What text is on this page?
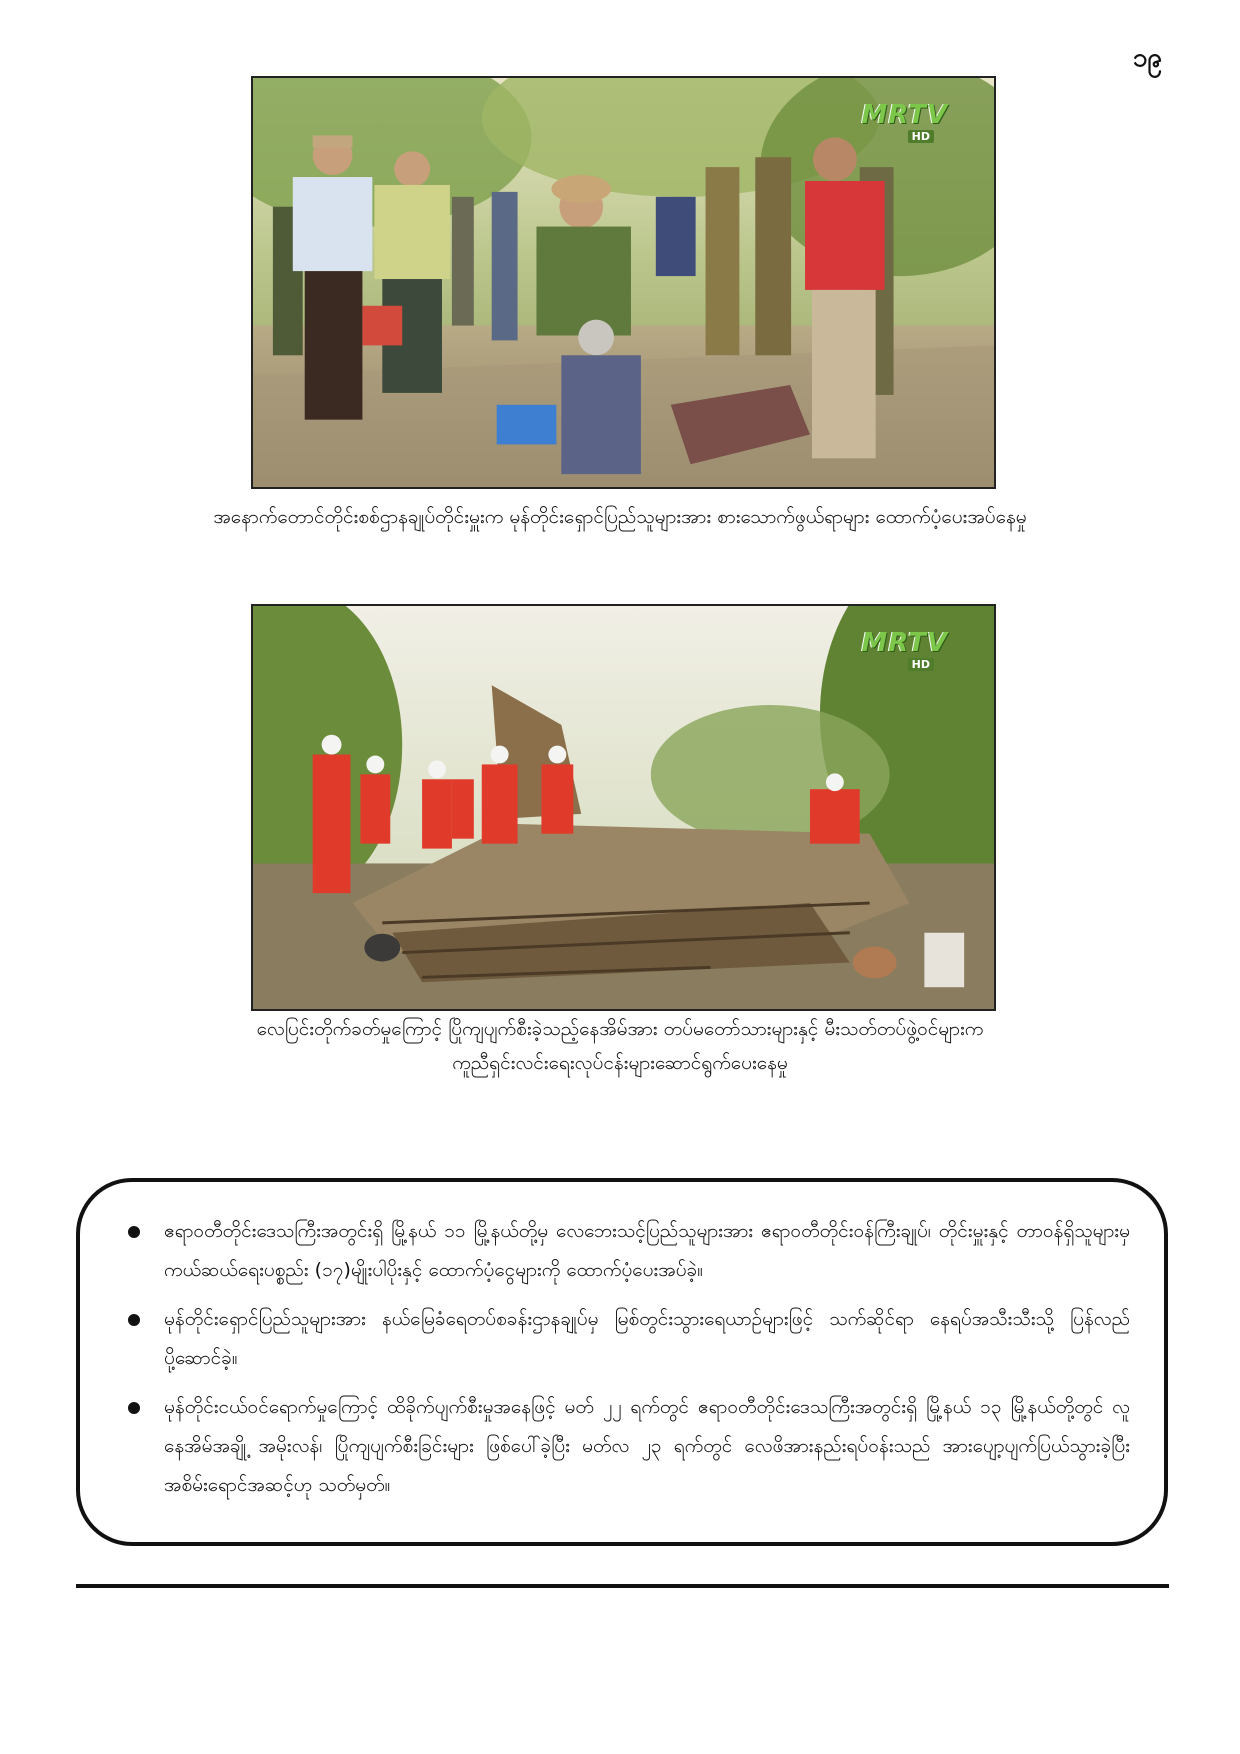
၁၉
MRTV
HD
အနောက်တောင်တိုင်းစစ်ဌာနချုပ်တိုင်းမှူးက မုန်တိုင်းရှောင်ပြည်သူများအား စားသောက်ဖွယ်ရာများ ထောက်ပံ့ပေးအပ်နေမှု
MRTV
HD
လေပြင်းတိုက်ခတ်မှုကြောင့် ပြိုကျပျက်စီးခဲ့သည့်နေအိမ်အား တပ်မတော်သားများနှင့် မီးသတ်တပ်ဖွဲ့ဝင်များက
ကူညီရှင်းလင်းရေးလုပ်ငန်းများဆောင်ရွက်ပေးနေမှု
ဧရာဝတီတိုင်းဒေသကြီးအတွင်းရှိ မြို့နယ် ၁၁ မြို့နယ်တို့မှ လေဘေးသင့်ပြည်သူများအား ဧရာဝတီတိုင်းဝန်ကြီးချုပ်၊ တိုင်းမှူးနှင့် တာဝန်ရှိသူများမှ ကယ်ဆယ်ရေးပစ္စည်း (၁၇)မျိုးပါပိုးနှင့် ထောက်ပံ့ငွေများကို ထောက်ပံ့ပေးအပ်ခဲ့။
မုန်တိုင်းရှောင်ပြည်သူများအား နယ်မြေခံရေတပ်စခန်းဌာနချုပ်မှ မြစ်တွင်းသွားရေယာဉ်များဖြင့် သက်ဆိုင်ရာ နေရပ်အသီးသီးသို့ ပြန်လည်ပို့ဆောင်ခဲ့။
မုန်တိုင်းငယ်ဝင်ရောက်မှုကြောင့် ထိခိုက်ပျက်စီးမှုအနေဖြင့် မတ် ၂၂ ရက်တွင် ဧရာဝတီတိုင်းဒေသကြီးအတွင်းရှိ မြို့နယ် ၁၃ မြို့နယ်တို့တွင် လူနေအိမ်အချို့ အမိုးလန်၊ ပြိုကျပျက်စီးခြင်းများ ဖြစ်ပေါ်ခဲ့ပြီး မတ်လ ၂၃ ရက်တွင် လေဖိအားနည်းရပ်ဝန်းသည် အားပျော့ပျက်ပြယ်သွားခဲ့ပြီး အစိမ်းရောင်အဆင့်ဟု သတ်မှတ်။
